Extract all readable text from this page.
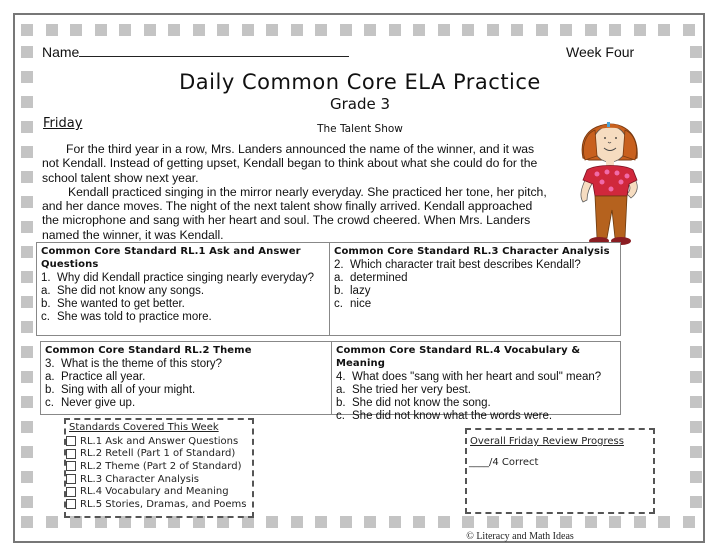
Name	Week Four
Daily Common Core ELA Practice
Grade 3
Friday	The Talent Show

For the third year in a row, Mrs. Landers announced the name of the winner, and it was not Kendall. Instead of getting upset, Kendall began to think about what she could do for the school talent show next year.

Kendall practiced singing in the mirror nearly everyday. She practiced her tone, her pitch, and her dance moves. The night of the next talent show finally arrived. Kendall approached the microphone and sang with her heart and soul. The crowd cheered. When Mrs. Landers named the winner, it was Kendall.

Common Core Standard RL.1 Ask and Answer Questions
1. Why did Kendall practice singing nearly everyday?
a. She did not know any songs.
b. She wanted to get better.
c. She was told to practice more.
Common Core Standard RL.3 Character Analysis
2. Which character trait best describes Kendall?
a. determined
b. lazy
c. nice
Common Core Standard RL.2 Theme
3. What is the theme of this story?
a. Practice all year.
b. Sing with all of your might.
c. Never give up.
Common Core Standard RL.4 Vocabulary & Meaning
4. What does "sang with her heart and soul" mean?
a. She tried her very best.
b. She did not know the song.
c. She did not know what the words were.
Standards Covered This Week
RL.1 Ask and Answer Questions
RL.2 Retell (Part 1 of Standard)
RL.2 Theme (Part 2 of Standard)
RL.3 Character Analysis
RL.4 Vocabulary and Meaning
RL.5 Stories, Dramas, and Poems
Overall Friday Review Progress
____/4 Correct
© Literacy and Math Ideas
